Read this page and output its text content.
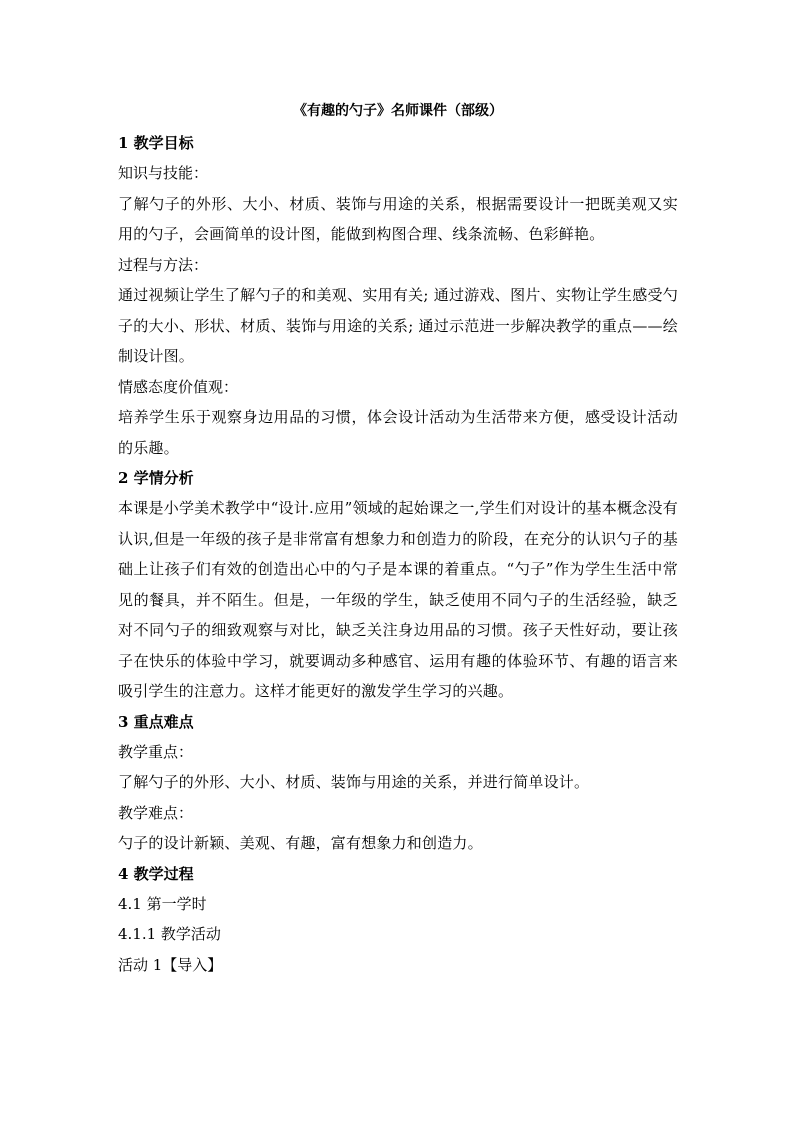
《有趣的勺子》名师课件（部级）

1 教学目标

知识与技能：

了解勺子的外形、大小、材质、装饰与用途的关系，根据需要设计一把既美观又实用的勺子，会画简单的设计图，能做到构图合理、线条流畅、色彩鲜艳。

过程与方法：

通过视频让学生了解勺子的和美观、实用有关; 通过游戏、图片、实物让学生感受勺子的大小、形状、材质、装饰与用途的关系; 通过示范进一步解决教学的重点——绘制设计图。

情感态度价值观：

培养学生乐于观察身边用品的习惯，体会设计活动为生活带来方便，感受设计活动的乐趣。

2 学情分析

本课是小学美术教学中“设计.应用”领域的起始课之一,学生们对设计的基本概念没有认识,但是一年级的孩子是非常富有想象力和创造力的阶段，在充分的认识勺子的基础上让孩子们有效的创造出心中的勺子是本课的着重点。“勺子”作为学生生活中常见的餐具，并不陌生。但是，一年级的学生，缺乏使用不同勺子的生活经验，缺乏对不同勺子的细致观察与对比，缺乏关注身边用品的习惯。孩子天性好动，要让孩子在快乐的体验中学习，就要调动多种感官、运用有趣的体验环节、有趣的语言来吸引学生的注意力。这样才能更好的激发学生学习的兴趣。

3 重点难点

教学重点：

了解勺子的外形、大小、材质、装饰与用途的关系，并进行简单设计。

教学难点：

勺子的设计新颖、美观、有趣，富有想象力和创造力。

4 教学过程

4.1 第一学时

4.1.1 教学活动

活动 1【导入】
